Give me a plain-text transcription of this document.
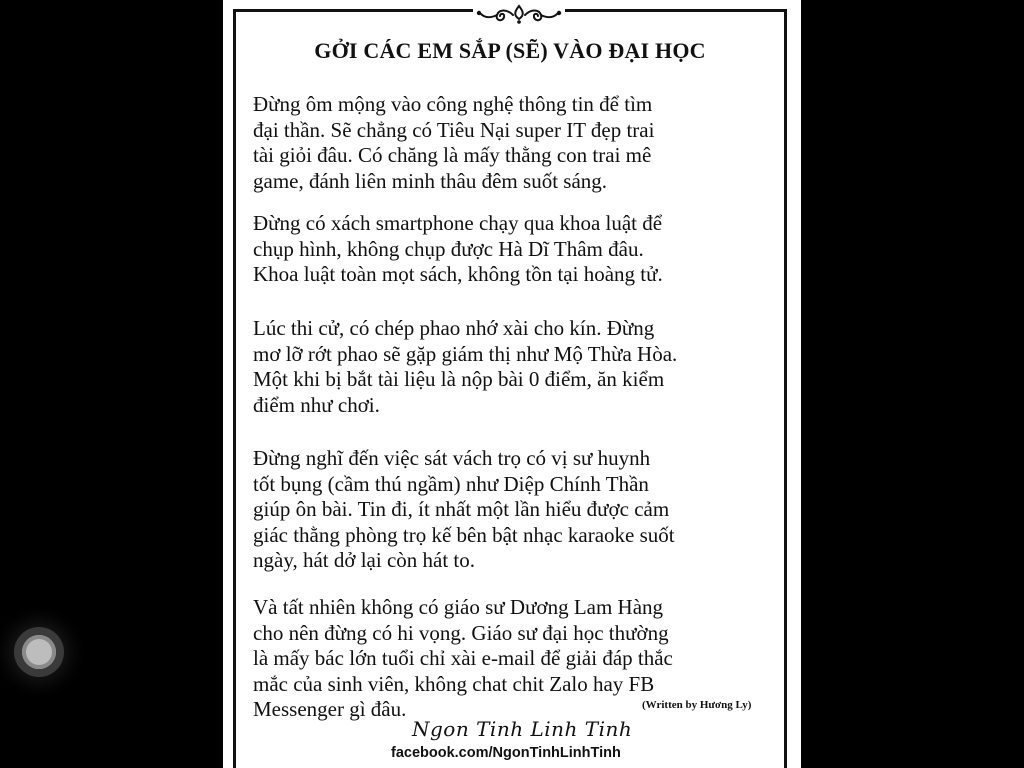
GỞI CÁC EM SẮP (SẼ) VÀO ĐẠI HỌC

Đừng ôm mộng vào công nghệ thông tin để tìm
đại thần. Sẽ chẳng có Tiêu Nại super IT đẹp trai
tài giỏi đâu. Có chăng là mấy thằng con trai mê
game, đánh liên minh thâu đêm suốt sáng.

Đừng có xách smartphone chạy qua khoa luật để
chụp hình, không chụp được Hà Dĩ Thâm đâu.
Khoa luật toàn mọt sách, không tồn tại hoàng tử.

Lúc thi cử, có chép phao nhớ xài cho kín. Đừng
mơ lỡ rớt phao sẽ gặp giám thị như Mộ Thừa Hòa.
Một khi bị bắt tài liệu là nộp bài 0 điểm, ăn kiểm
điểm như chơi.

Đừng nghĩ đến việc sát vách trọ có vị sư huynh
tốt bụng (cầm thú ngầm) như Diệp Chính Thần
giúp ôn bài. Tin đi, ít nhất một lần hiểu được cảm
giác thằng phòng trọ kế bên bật nhạc karaoke suốt
ngày, hát dở lại còn hát to.

Và tất nhiên không có giáo sư Dương Lam Hàng
cho nên đừng có hi vọng. Giáo sư đại học thường
là mấy bác lớn tuổi chỉ xài e-mail để giải đáp thắc
mắc của sinh viên, không chat chit Zalo hay FB
Messenger gì đâu.	(Written by Hương Ly)
Ngon Tinh Linh Tinh
facebook.com/NgonTinhLinhTinh
